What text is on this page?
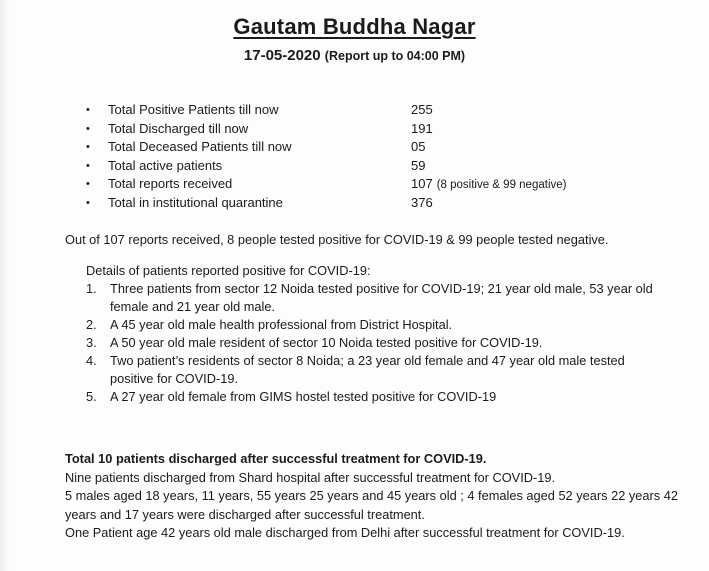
Gautam Buddha Nagar
17-05-2020 (Report up to 04:00 PM)
• Total Positive Patients till now	255
• Total Discharged till now	191
• Total Deceased Patients till now	05
• Total active patients	59
• Total reports received	107 (8 positive & 99 negative)
• Total in institutional quarantine	376
Out of 107 reports received, 8 people tested positive for COVID-19 & 99 people tested negative.

Details of patients reported positive for COVID-19:

1. Three patients from sector 12 Noida tested positive for COVID-19; 21 year old male, 53 year old female and 21 year old male.
2. A 45 year old male health professional from District Hospital.
3. A 50 year old male resident of sector 10 Noida tested positive for COVID-19.
4. Two patient’s residents of sector 8 Noida; a 23 year old female and 47 year old male tested positive for COVID-19.
5. A 27 year old female from GIMS hostel tested positive for COVID-19

Total 10 patients discharged after successful treatment for COVID-19.

Nine patients discharged from Shard hospital after successful treatment for COVID-19.

5 males aged 18 years, 11 years, 55 years 25 years and 45 years old ; 4 females aged 52 years 22 years 42 years and 17 years were discharged after successful treatment.

One Patient age 42 years old male discharged from Delhi after successful treatment for COVID-19.
